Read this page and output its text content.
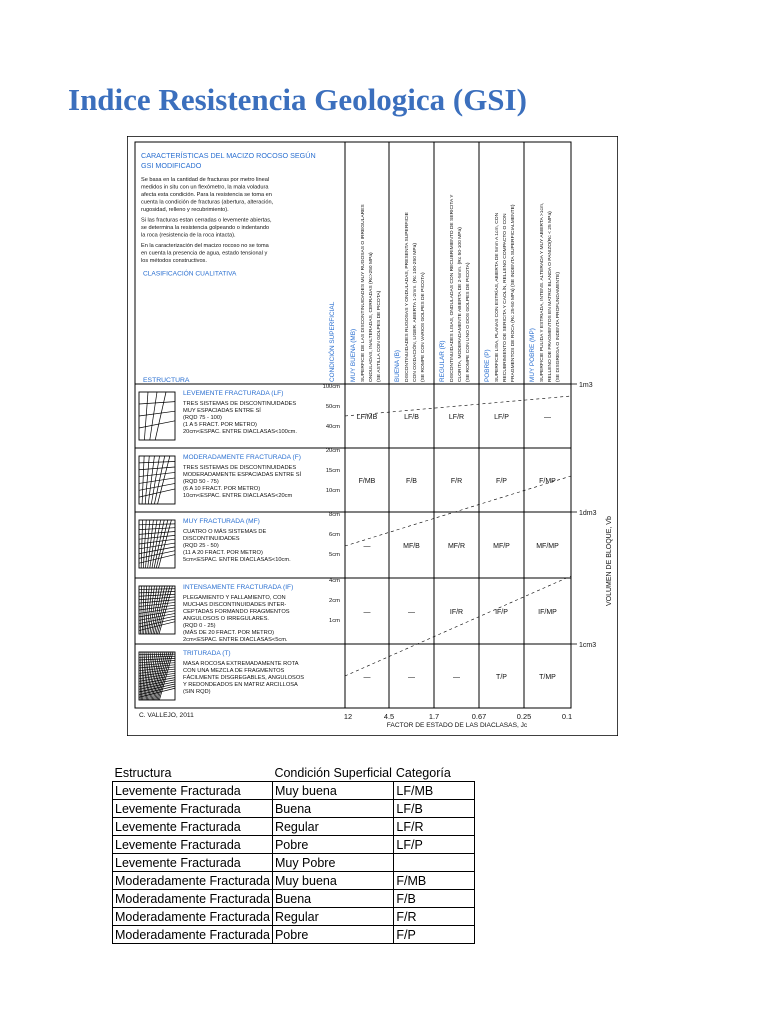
Indice Resistencia Geologica (GSI)
CARACTERÍSTICAS DEL MACIZO ROCOSO SEGÚN
GSI MODIFICADO
Se basa en la cantidad de fracturas por metro lineal
medidos in situ con un flexómetro, la mala voladura
afecta esta condición. Para la resistencia se toma en
cuenta la condición de fracturas (abertura, alteración,
rugosidad, relleno y recubrimiento).
Si las fracturas estan cerradas o levemente abiertas,
se determina la resistencia golpeando o indentando
la roca (resistencia de la roca intacta).
En la caracterización del macizo rocoso no se toma
en cuenta la presencia de agua, estado tensional y
los métodos constructivos.
CLASIFICACIÓN CUALITATIVA
ESTRUCTURA	CONDICIÓN SUPERFICIAL MUY BUENA (MB) SUPERFICIE DE LAS DISCONTINUIDADES MUY RUGOSAS O IRREGULARES ONDULADAS, INALTERADAS, CERRADAS (Rc>250 MPa) (SE ASTILLA CON GOLPES DE PICOTA) BUENA (B) DISCONTINUIDADES RUGOSAS Y ONDULADAS, PRESENTA SUPERFICIE CON OXIDACIÓN, LIGER. ABIERTA 1-2mm. (Rc 100-250 MPa) (SE ROMPE CON VARIOS GOLPES DE PICOTA) REGULAR (R) DISCONTINUIDADES LISAS, ONDULADAS CON RECUBRIMIENTO DE SERICITA Y CLORITA, MODERADAMENTE ABIERTA DE 2-5mm. (Rc 50-100 MPa) (SE ROMPE CON UNO O DOS GOLPES DE PICOTA) POBRE (P) SUPERFICIE LISA, PLANAS CON ESTRÍAS, ABIERTA DE 5mm A 1cm, CON RECUBRIMIENTO DE SERICITA Y CAOLÍN, RELLENO COMPACTO O CON FRAGMENTOS DE ROCA (Rc 25-50 MPa) (SE INDENTA SUPERFICIALMENTE) MUY POBRE (MP) SUPERFICIE PULIDA Y ESTRIADA, INTENS. ALTERADA Y MUY ABIERTA >1cm, RELLENO DE FRAGMENTOS EN MATRIZ BLANDA O PANIZO(Rc < 25 MPa) (SE DISGREGA O INDENTA PROFUNDAMENTE)
LEVEMENTE FRACTURADA (LF)
TRES SISTEMAS DE DISCONTINUIDADES
MUY ESPACIADAS ENTRE SÍ
(RQD 75 - 100)
(1 A 5 FRACT. POR METRO)
20cm<ESPAC. ENTRE DIACLASAS<100cm.
100cm
50cm
40cm
LF/MB	LF/B	LF/R	LF/P	—
MODERADAMENTE FRACTURADA (F)
TRES SISTEMAS DE DISCONTINUIDADES
MODERADAMENTE ESPACIADAS ENTRE SÍ
(RQD 50 - 75)
(6 A 10 FRACT. POR METRO)
10cm<ESPAC. ENTRE DIACLASAS<20cm
20cm
15cm
10cm
F/MB	F/B	F/R	F/P	F/MP
MUY FRACTURADA (MF)
CUATRO O MÁS SISTEMAS DE
DISCONTINUIDADES
(RQD 25 - 50)
(11 A 20 FRACT. POR METRO)
5cm<ESPAC. ENTRE DIACLASAS<10cm.
8cm
6cm
5cm
—	MF/B	MF/R	MF/P	MF/MP
INTENSAMENTE FRACTURADA (IF)
PLEGAMIENTO Y FALLAMIENTO, CON
MUCHAS DISCONTINUIDADES INTER-
CEPTADAS FORMANDO FRAGMENTOS
ANGULOSOS O IRREGULARES.
(RQD 0 - 25)
(MÁS DE 20 FRACT. POR METRO)
2cm<ESPAC. ENTRE DIACLASAS<5cm.
4cm
2cm
1cm
—	—	IF/R	IF/P	IF/MP
TRITURADA (T)
MASA ROCOSA EXTREMADAMENTE ROTA
CON UNA MEZCLA DE FRAGMENTOS
FÁCILMENTE DISGREGABLES, ANGULOSOS
Y REDONDEADOS EN MATRIZ ARCILLOSA
(SIN RQD)
—	—	—	T/P	T/MP
1m3
1dm3
1cm3
VOLUMEN DE BLOQUE, Vb
12	4.5	1.7	0.67	0.25	0.1
FACTOR DE ESTADO DE LAS DIACLASAS, Jc
C. VALLEJO, 2011
Estructura	Condición Superficial	Categoría
Levemente Fracturada	Muy buena	LF/MB
Levemente Fracturada	Buena	LF/B
Levemente Fracturada	Regular	LF/R
Levemente Fracturada	Pobre	LF/P
Levemente Fracturada	Muy Pobre	
Moderadamente Fracturada	Muy buena	F/MB
Moderadamente Fracturada	Buena	F/B
Moderadamente Fracturada	Regular	F/R
Moderadamente Fracturada	Pobre	F/P
